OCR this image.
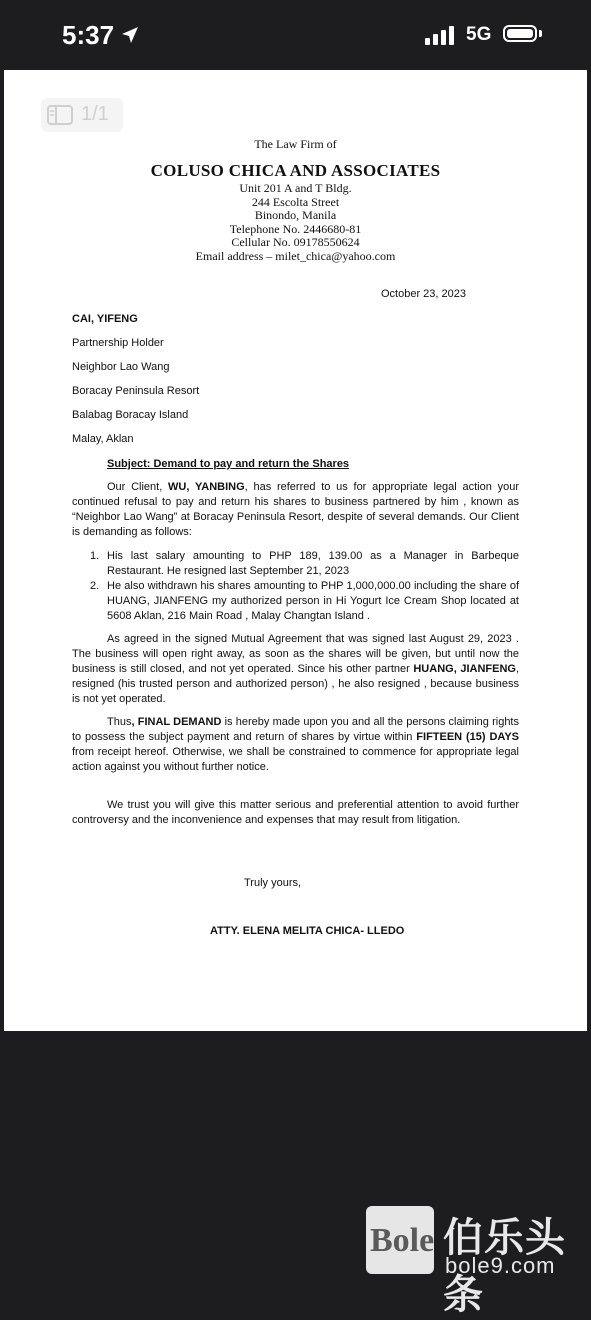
5:37	5G
1/1
The Law Firm of
COLUSO CHICA AND ASSOCIATES
Unit 201 A and T Bldg.
244 Escolta Street
Binondo, Manila
Telephone No. 2446680-81
Cellular No. 09178550624
Email address – milet_chica@yahoo.com
October 23, 2023
CAI, YIFENG
Partnership Holder
Neighbor Lao Wang
Boracay Peninsula Resort
Balabag Boracay Island
Malay, Aklan
Subject: Demand to pay and return the Shares
Our Client, WU, YANBING, has referred to us for appropriate legal action your continued refusal to pay and return his shares to business partnered by him , known as “Neighbor Lao Wang” at Boracay Peninsula Resort, despite of several demands. Our Client is demanding as follows:
1. His last salary amounting to PHP 189, 139.00 as a Manager in Barbeque Restaurant. He resigned last September 21, 2023
2. He also withdrawn his shares amounting to PHP 1,000,000.00 including the share of HUANG, JIANFENG my authorized person in Hi Yogurt Ice Cream Shop located at 5608 Aklan, 216 Main Road , Malay Changtan Island .
As agreed in the signed Mutual Agreement that was signed last August 29, 2023 . The business will open right away, as soon as the shares will be given, but until now the business is still closed, and not yet operated. Since his other partner HUANG, JIANFENG, resigned (his trusted person and authorized person) , he also resigned , because business is not yet operated.
Thus, FINAL DEMAND is hereby made upon you and all the persons claiming rights to possess the subject payment and return of shares by virtue within FIFTEEN (15) DAYS from receipt hereof. Otherwise, we shall be constrained to commence for appropriate legal action against you without further notice.
We trust you will give this matter serious and preferential attention to avoid further controversy and the inconvenience and expenses that may result from litigation.
Truly yours,
ATTY. ELENA MELITA CHICA- LLEDO
Bole 伯乐头条
bole9.com
